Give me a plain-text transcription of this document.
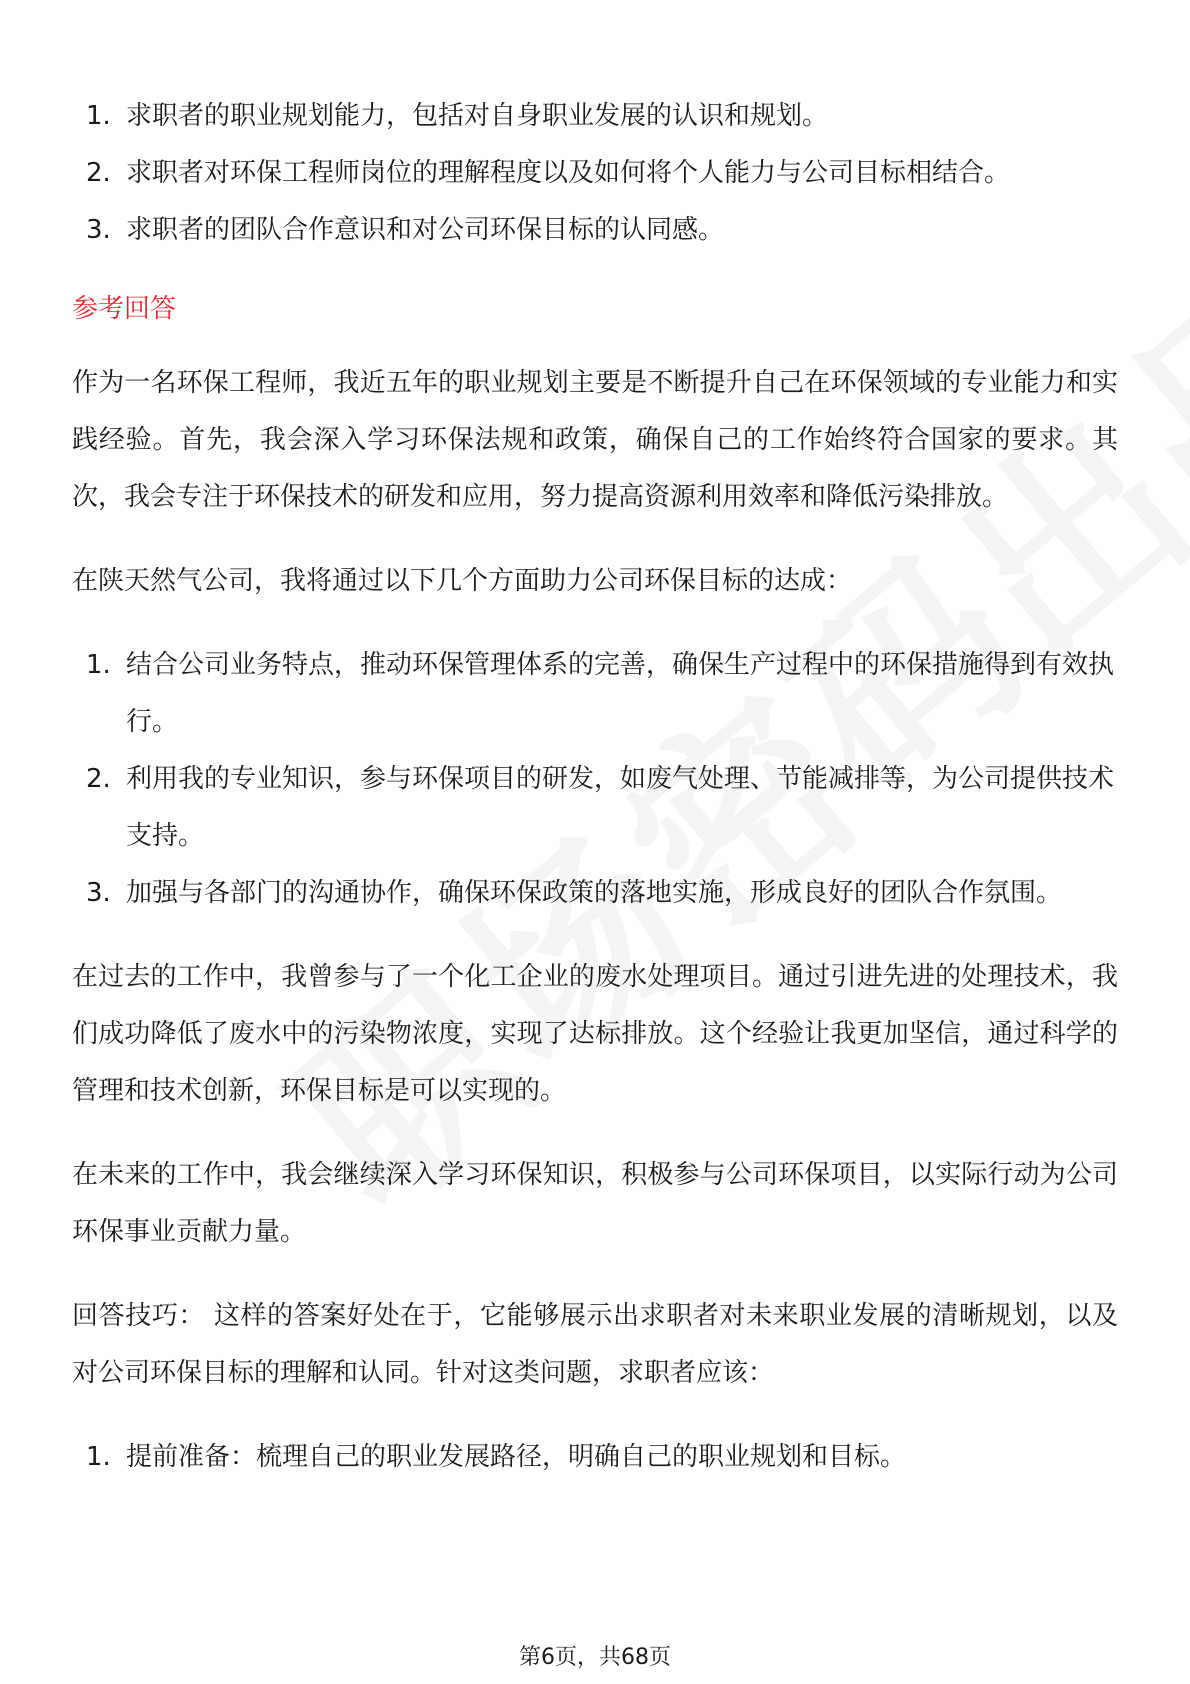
1. 求职者的职业规划能力，包括对自身职业发展的认识和规划。
2. 求职者对环保工程师岗位的理解程度以及如何将个人能力与公司目标相结合。
3. 求职者的团队合作意识和对公司环保目标的认同感。
参考回答

作为一名环保工程师，我近五年的职业规划主要是不断提升自己在环保领域的专业能力和实践经验。首先，我会深入学习环保法规和政策，确保自己的工作始终符合国家的要求。其次，我会专注于环保技术的研发和应用，努力提高资源利用效率和降低污染排放。

在陕天然气公司，我将通过以下几个方面助力公司环保目标的达成：

1. 结合公司业务特点，推动环保管理体系的完善，确保生产过程中的环保措施得到有效执行。
2. 利用我的专业知识，参与环保项目的研发，如废气处理、节能减排等，为公司提供技术支持。
3. 加强与各部门的沟通协作，确保环保政策的落地实施，形成良好的团队合作氛围。

在过去的工作中，我曾参与了一个化工企业的废水处理项目。通过引进先进的处理技术，我们成功降低了废水中的污染物浓度，实现了达标排放。这个经验让我更加坚信，通过科学的管理和技术创新，环保目标是可以实现的。

在未来的工作中，我会继续深入学习环保知识，积极参与公司环保项目，以实际行动为公司环保事业贡献力量。

回答技巧： 这样的答案好处在于，它能够展示出求职者对未来职业发展的清晰规划，以及对公司环保目标的理解和认同。针对这类问题，求职者应该：

1. 提前准备：梳理自己的职业发展路径，明确自己的职业规划和目标。
第6页，共68页
